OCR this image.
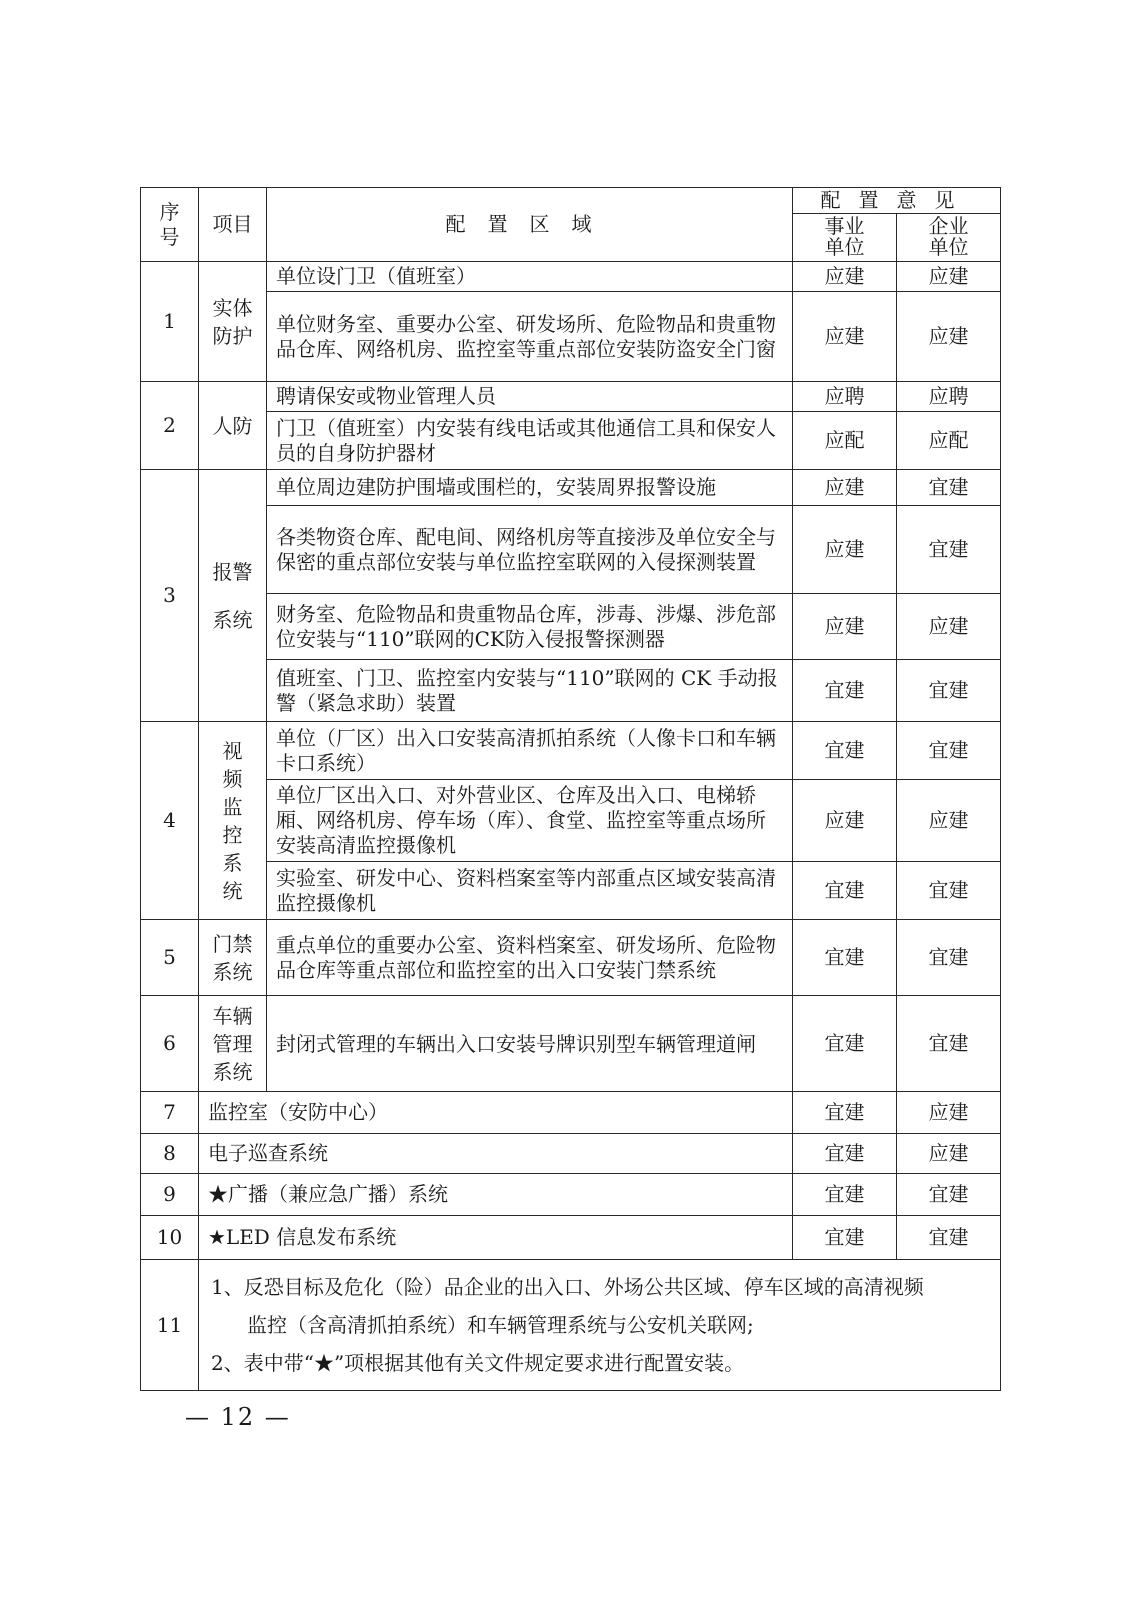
序号	项目	配置区域	配置意见	
			事业单位	企业单位
1	实体防护	单位设门卫（值班室）	应建	应建
		单位财务室、重要办公室、研发场所、危险物品和贵重物品仓库、网络机房、监控室等重点部位安装防盗安全门窗	应建	应建
2	人防	聘请保安或物业管理人员	应聘	应聘
		门卫（值班室）内安装有线电话或其他通信工具和保安人员的自身防护器材	应配	应配
3	报警系统	单位周边建防护围墙或围栏的，安装周界报警设施	应建	宜建
		各类物资仓库、配电间、网络机房等直接涉及单位安全与保密的重点部位安装与单位监控室联网的入侵探测装置	应建	宜建
		财务室、危险物品和贵重物品仓库，涉毒、涉爆、涉危部位安装与“110”联网的CK防入侵报警探测器	应建	应建
		值班室、门卫、监控室内安装与“110”联网的 CK 手动报警（紧急求助）装置	宜建	宜建
4	视频监控系统	单位（厂区）出入口安装高清抓拍系统（人像卡口和车辆卡口系统）	宜建	宜建
		单位厂区出入口、对外营业区、仓库及出入口、电梯轿厢、网络机房、停车场（库）、食堂、监控室等重点场所安装高清监控摄像机	应建	应建
		实验室、研发中心、资料档案室等内部重点区域安装高清监控摄像机	宜建	宜建
5	门禁系统	重点单位的重要办公室、资料档案室、研发场所、危险物品仓库等重点部位和监控室的出入口安装门禁系统	宜建	宜建
6	车辆管理系统	封闭式管理的车辆出入口安装号牌识别型车辆管理道闸	宜建	宜建
7	监控室（安防中心）		宜建	应建
8	电子巡查系统		宜建	应建
9	★广播（兼应急广播）系统		宜建	宜建
10	★LED 信息发布系统		宜建	宜建
11	1、反恐目标及危化（险）品企业的出入口、外场公共区域、停车区域的高清视频
监控（含高清抓拍系统）和车辆管理系统与公安机关联网;
2、表中带“★”项根据其他有关文件规定要求进行配置安装。			
— 12 —
